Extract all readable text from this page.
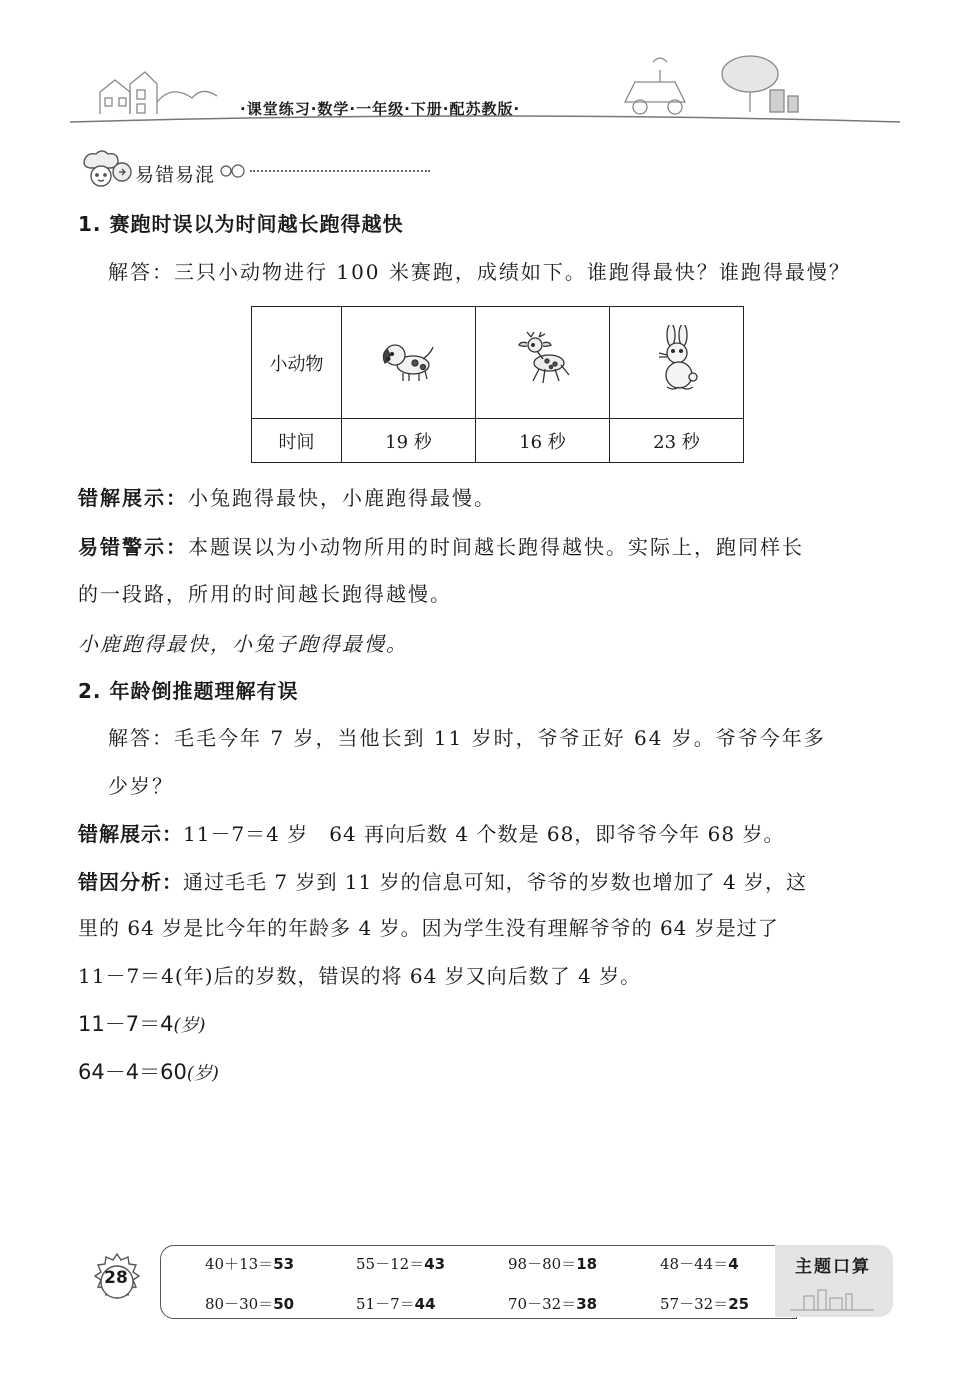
·课堂练习·数学·一年级·下册·配苏教版·
易错易混
1. 赛跑时误以为时间越长跑得越快
解答：三只小动物进行 100 米赛跑，成绩如下。谁跑得最快？谁跑得最慢？
小动物			
时间	19 秒	16 秒	23 秒
错解展示：小兔跑得最快，小鹿跑得最慢。
易错警示：本题误以为小动物所用的时间越长跑得越快。实际上，跑同样长
的一段路，所用的时间越长跑得越慢。
小鹿跑得最快，小兔子跑得最慢。
2. 年龄倒推题理解有误
解答：毛毛今年 7 岁，当他长到 11 岁时，爷爷正好 64 岁。爷爷今年多
少岁？
错解展示：11－7＝4 岁　64 再向后数 4 个数是 68，即爷爷今年 68 岁。
错因分析：通过毛毛 7 岁到 11 岁的信息可知，爷爷的岁数也增加了 4 岁，这
里的 64 岁是比今年的年龄多 4 岁。因为学生没有理解爷爷的 64 岁是过了
11－7＝4(年)后的岁数，错误的将 64 岁又向后数了 4 岁。
11－7＝4(岁)
64－4＝60(岁)
28
主题口算
40＋13＝53	55－12＝43	98－80＝18	48－44＝4
80－30＝50	51－7＝44	70－32＝38	57－32＝25
